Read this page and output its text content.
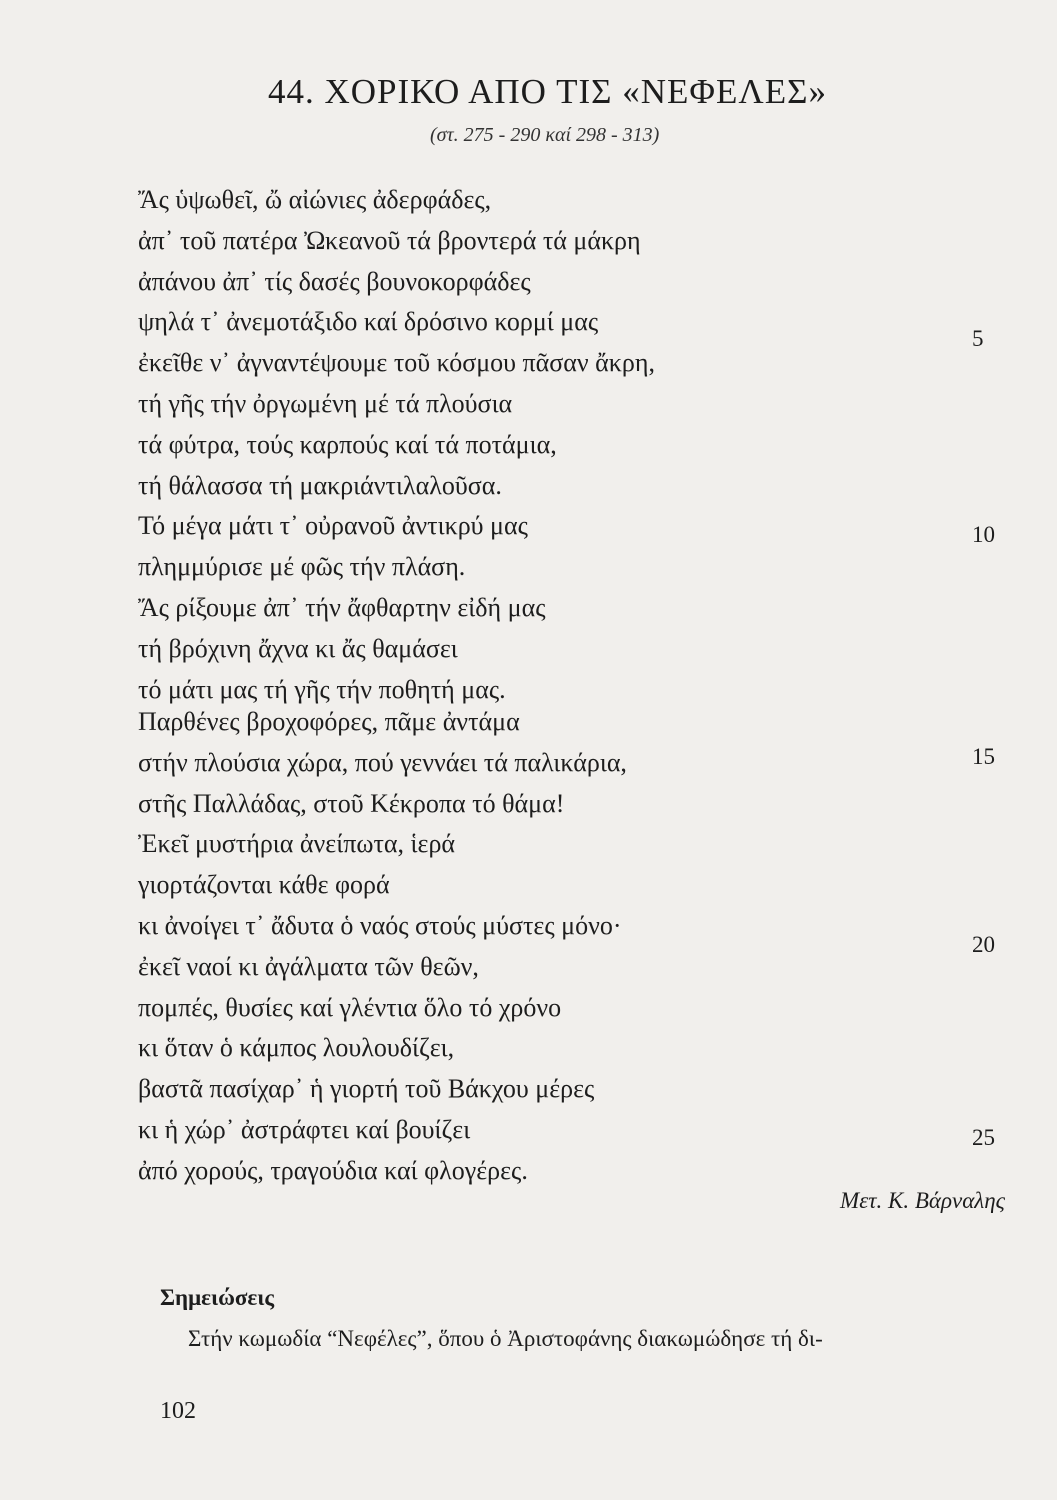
44. ΧΟΡΙΚΟ ΑΠΟ ΤΙΣ «ΝΕΦΕΛΕΣ»
(στ. 275 - 290 καί 298 - 313)
Ἄς ὑψωθεῖ, ὤ αἰώνιες ἀδερφάδες,
ἀπ᾽ τοῦ πατέρα Ὠκεανοῦ τά βροντερά τά μάκρη
ἀπάνου ἀπ᾽ τίς δασές βουνοκορφάδες
ψηλά τ᾽ ἀνεμοτάξιδο καί δρόσινο κορμί μας
ἐκεῖθε ν᾽ ἀγναντέψουμε τοῦ κόσμου πᾶσαν ἄκρη,
τή γῆς τήν ὀργωμένη μέ τά πλούσια
τά φύτρα, τούς καρπούς καί τά ποτάμια,
τή θάλασσα τή μακριάντιλαλοῦσα.
Τό μέγα μάτι τ᾽ οὐρανοῦ ἀντικρύ μας
πλημμύρισε μέ φῶς τήν πλάση.
Ἄς ρίξουμε ἀπ᾽ τήν ἄφθαρτην εἰδή μας
τή βρόχινη ἄχνα κι ἄς θαμάσει
τό μάτι μας τή γῆς τήν ποθητή μας.
Παρθένες βροχοφόρες, πᾶμε ἀντάμα
στήν πλούσια χώρα, πού γεννάει τά παλικάρια,
στῆς Παλλάδας, στοῦ Κέκροπα τό θάμα!
Ἐκεῖ μυστήρια ἀνείπωτα, ἱερά
γιορτάζονται κάθε φορά
κι ἀνοίγει τ᾽ ἄδυτα ὁ ναός στούς μύστες μόνο·
ἐκεῖ ναοί κι ἀγάλματα τῶν θεῶν,
πομπές, θυσίες καί γλέντια ὅλο τό χρόνο
κι ὅταν ὁ κάμπος λουλουδίζει,
βαστᾶ πασίχαρ᾽ ἡ γιορτή τοῦ Βάκχου μέρες
κι ἡ χώρ᾽ ἀστράφτει καί βουίζει
ἀπό χορούς, τραγούδια καί φλογέρες.
5
10
15
20
25
Μετ. Κ. Βάρναλης
Σημειώσεις
Στήν κωμωδία “Νεφέλες”, ὅπου ὁ Ἀριστοφάνης διακωμώδησε τή δι-
102
